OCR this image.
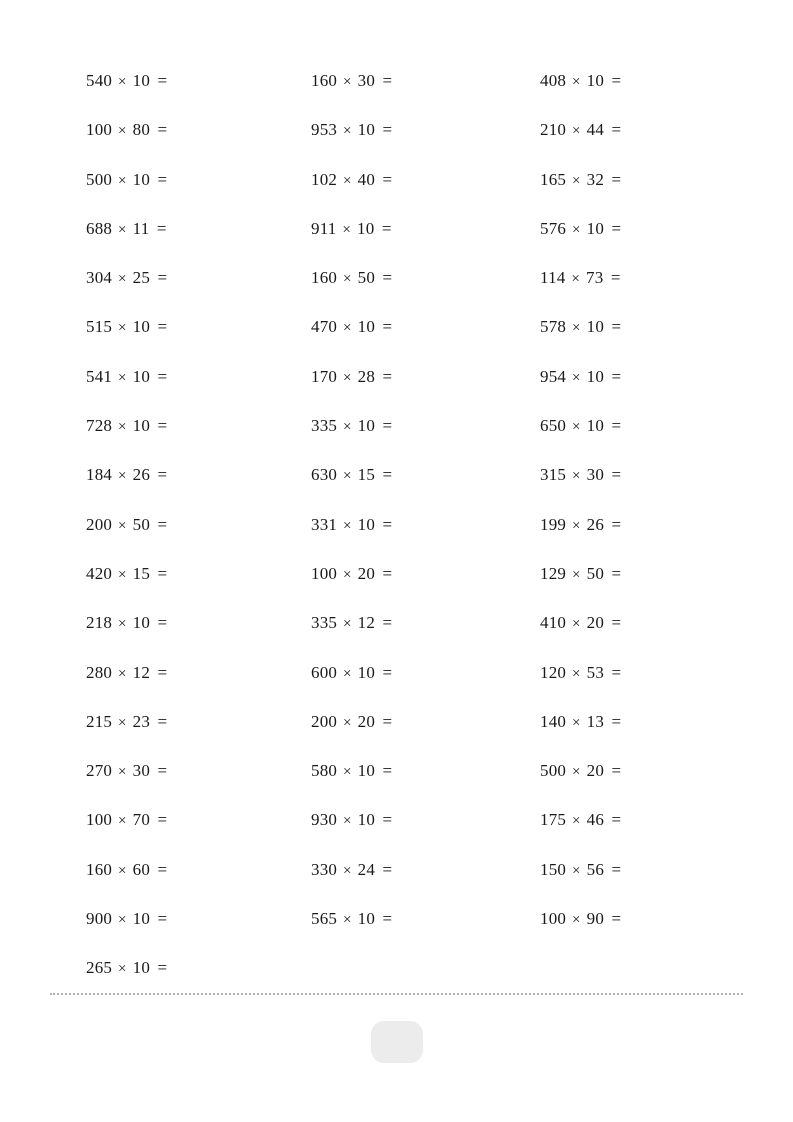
540 × 10 =
100 × 80 =
500 × 10 =
688 × 11 =
304 × 25 =
515 × 10 =
541 × 10 =
728 × 10 =
184 × 26 =
200 × 50 =
420 × 15 =
218 × 10 =
280 × 12 =
215 × 23 =
270 × 30 =
100 × 70 =
160 × 60 =
900 × 10 =
265 × 10 =
160 × 30 =
953 × 10 =
102 × 40 =
911 × 10 =
160 × 50 =
470 × 10 =
170 × 28 =
335 × 10 =
630 × 15 =
331 × 10 =
100 × 20 =
335 × 12 =
600 × 10 =
200 × 20 =
580 × 10 =
930 × 10 =
330 × 24 =
565 × 10 =
408 × 10 =
210 × 44 =
165 × 32 =
576 × 10 =
114 × 73 =
578 × 10 =
954 × 10 =
650 × 10 =
315 × 30 =
199 × 26 =
129 × 50 =
410 × 20 =
120 × 53 =
140 × 13 =
500 × 20 =
175 × 46 =
150 × 56 =
100 × 90 =
